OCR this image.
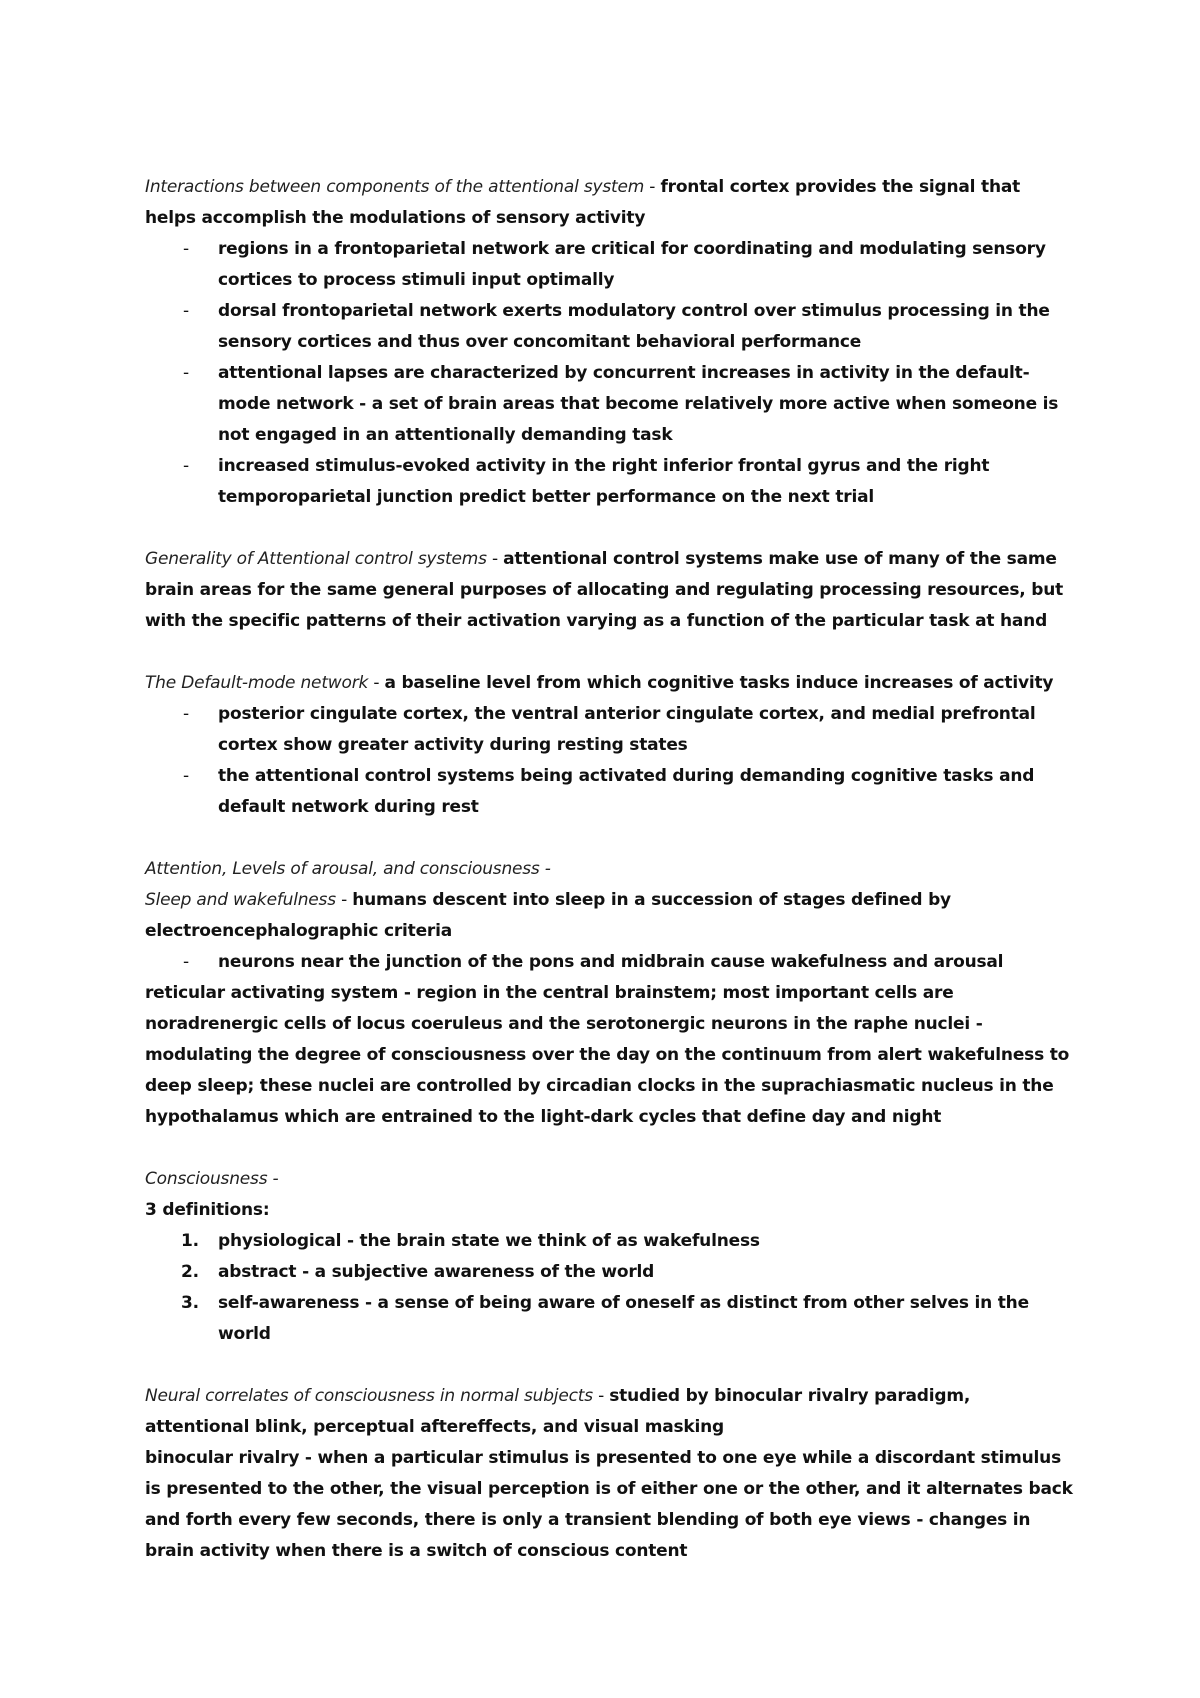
Interactions between components of the attentional system - frontal cortex provides the signal that helps accomplish the modulations of sensory activity

-	regions in a frontoparietal network are critical for coordinating and modulating sensory cortices to process stimuli input optimally
-	dorsal frontoparietal network exerts modulatory control over stimulus processing in the sensory cortices and thus over concomitant behavioral performance
-	attentional lapses are characterized by concurrent increases in activity in the default-mode network - a set of brain areas that become relatively more active when someone is not engaged in an attentionally demanding task
-	increased stimulus-evoked activity in the right inferior frontal gyrus and the right temporoparietal junction predict better performance on the next trial

Generality of Attentional control systems - attentional control systems make use of many of the same brain areas for the same general purposes of allocating and regulating processing resources, but with the specific patterns of their activation varying as a function of the particular task at hand

The Default-mode network - a baseline level from which cognitive tasks induce increases of activity

-	posterior cingulate cortex, the ventral anterior cingulate cortex, and medial prefrontal cortex show greater activity during resting states
-	the attentional control systems being activated during demanding cognitive tasks and default network during rest

Attention, Levels of arousal, and consciousness -

Sleep and wakefulness - humans descent into sleep in a succession of stages defined by electroencephalographic criteria

-	neurons near the junction of the pons and midbrain cause wakefulness and arousal

reticular activating system - region in the central brainstem; most important cells are noradrenergic cells of locus coeruleus and the serotonergic neurons in the raphe nuclei - modulating the degree of consciousness over the day on the continuum from alert wakefulness to deep sleep; these nuclei are controlled by circadian clocks in the suprachiasmatic nucleus in the hypothalamus which are entrained to the light-dark cycles that define day and night

Consciousness -

3 definitions:

1.	physiological - the brain state we think of as wakefulness
2.	abstract - a subjective awareness of the world
3.	self-awareness - a sense of being aware of oneself as distinct from other selves in the world

Neural correlates of consciousness in normal subjects - studied by binocular rivalry paradigm, attentional blink, perceptual aftereffects, and visual masking

binocular rivalry - when a particular stimulus is presented to one eye while a discordant stimulus is presented to the other, the visual perception is of either one or the other, and it alternates back and forth every few seconds, there is only a transient blending of both eye views - changes in brain activity when there is a switch of conscious content
